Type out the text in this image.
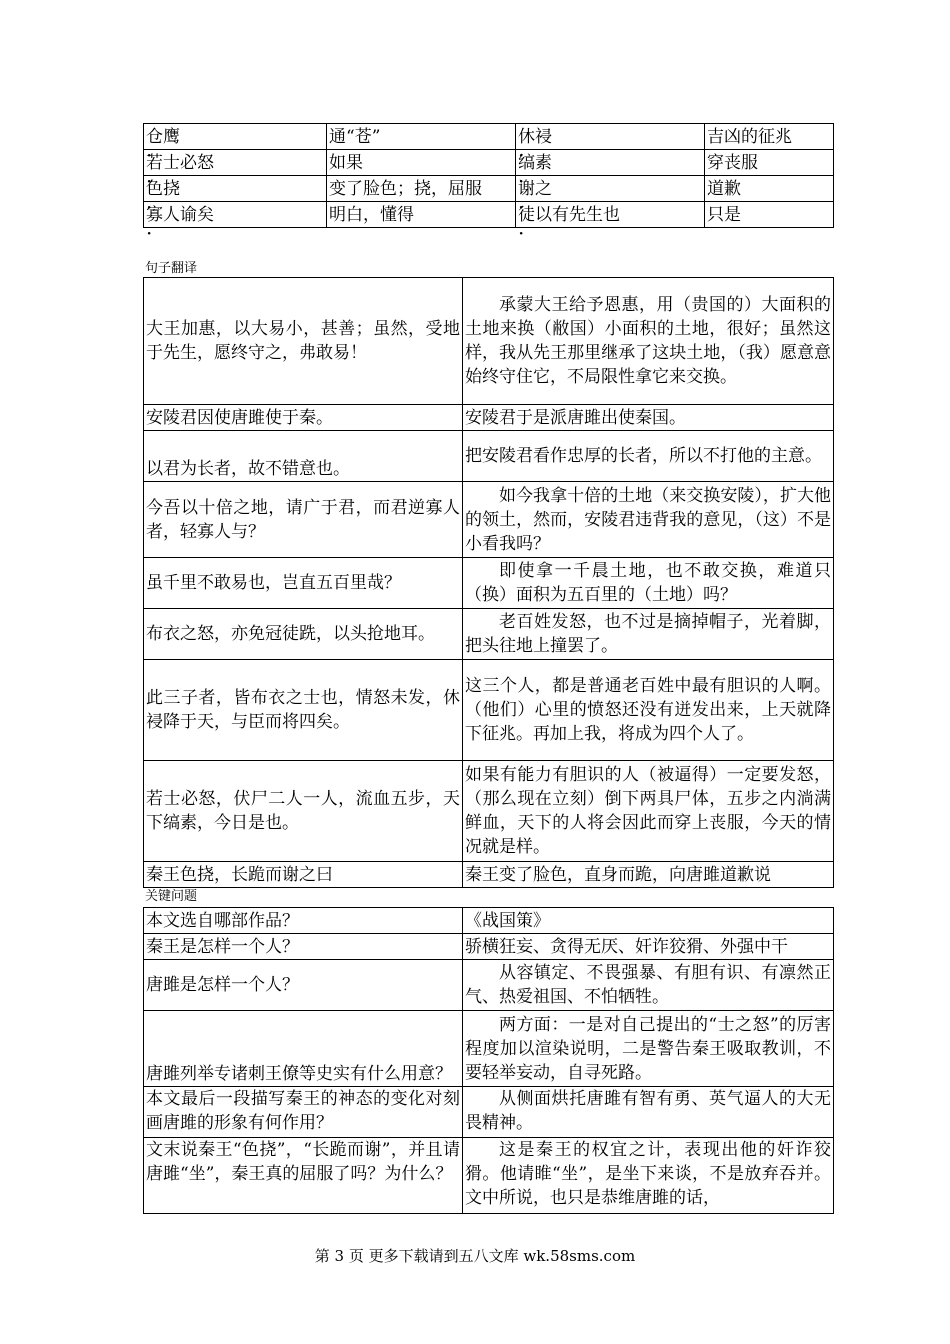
仓鹰 ·	通“苍”	休祲 ·	吉凶的征兆
若士必怒 ·	如果	缟素 ·	穿丧服
色挠 ·	变了脸色；挠，屈服	谢之 ·	道歉
寡人谕矣 ·	明白，懂得	徒以有先生也 ·	只是
句子翻译
大王加惠，以大易小，甚善；虽然，受地于先生，愿终守之，弗敢易！	承蒙大王给予恩惠，用（贵国的）大面积的土地来换（敝国）小面积的土地，很好；虽然这样，我从先王那里继承了这块土地，（我）愿意意始终守住它，不局限性拿它来交换。
安陵君因使唐雎使于秦。	安陵君于是派唐雎出使秦国。
以君为长者，故不错意也。	把安陵君看作忠厚的长者，所以不打他的主意。
今吾以十倍之地，请广于君，而君逆寡人者，轻寡人与？	如今我拿十倍的土地（来交换安陵），扩大他的领土，然而，安陵君违背我的意见，（这）不是小看我吗？
虽千里不敢易也，岂直五百里哉？	即使拿一千晨土地，也不敢交换，难道只（换）面积为五百里的（土地）吗？
布衣之怒，亦免冠徒跣，以头抢地耳。	老百姓发怒，也不过是摘掉帽子，光着脚，把头往地上撞罢了。
此三子者，皆布衣之士也，情怒未发，休祲降于天，与臣而将四矣。	这三个人，都是普通老百姓中最有胆识的人啊。（他们）心里的愤怒还没有迸发出来，上天就降下征兆。再加上我，将成为四个人了。
若士必怒，伏尸二人一人，流血五步，天下缟素，今日是也。	如果有能力有胆识的人（被逼得）一定要发怒，（那么现在立刻）倒下两具尸体，五步之内淌满鲜血，天下的人将会因此而穿上丧服，今天的情况就是样。
秦王色挠，长跪而谢之曰	秦王变了脸色，直身而跪，向唐雎道歉说
关键问题
本文选自哪部作品？	《战国策》
秦王是怎样一个人？	骄横狂妄、贪得无厌、奸诈狡猾、外强中干
唐雎是怎样一个人？	从容镇定、不畏强暴、有胆有识、有凛然正气、热爱祖国、不怕牺牲。
唐雎列举专诸刺王僚等史实有什么用意？	两方面：一是对自己提出的“士之怒”的厉害程度加以渲染说明，二是警告秦王吸取教训，不要轻举妄动，自寻死路。
本文最后一段描写秦王的神态的变化对刻画唐雎的形象有何作用？	从侧面烘托唐雎有智有勇、英气逼人的大无畏精神。
文末说秦王“色挠”，“长跪而谢”，并且请唐雎“坐”，秦王真的屈服了吗？为什么？	这是秦王的权宜之计，表现出他的奸诈狡猾。他请睢“坐”，是坐下来谈，不是放弃吞并。文中所说，也只是恭维唐雎的话，
第 3 页 更多下载请到五八文库 wk.58sms.com
